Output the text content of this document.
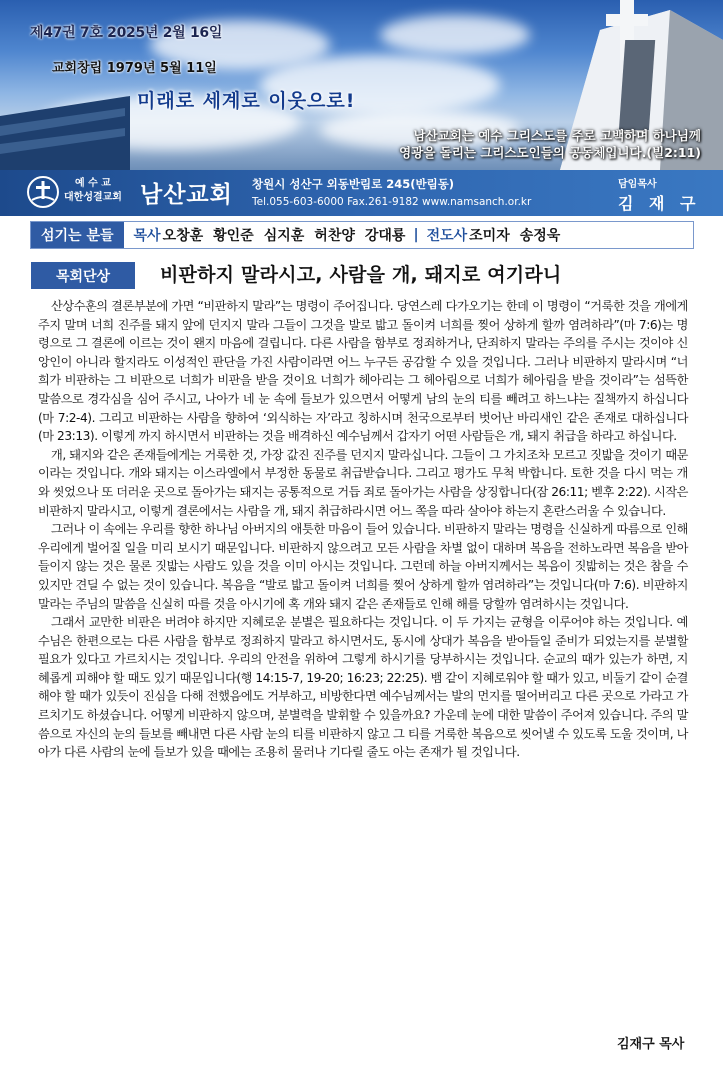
제47권 7호 2025년 2월 16일
교회창립 1979년 5월 11일
미래로 세계로 이웃으로!
남산교회는 예수 그리스도를 주로 고백하며 하나님께
영광을 돌리는 그리스도인들의 공동체입니다.(빌2:11)
예 수 교
대한성결교회 남산교회 창원시 성산구 외동반림로 245(반림동)
Tel.055-603-6000 Fax.261-9182 www.namsanch.or.kr
담임목사
김 재 구
섬기는 분들	목사 오창훈 황인준 심지훈 허찬양 강대룡 | 전도사 조미자 송정욱
목회단상	비판하지 말라시고, 사람을 개, 돼지로 여기라니

산상수훈의 결론부분에 가면 “비판하지 말라”는 명령이 주어집니다. 당연스레 다가오기는 한데 이 명령이 “거룩한 것을 개에게 주지 말며 너희 진주를 돼지 앞에 던지지 말라 그들이 그것을 발로 밟고 돌이켜 너희를 찢어 상하게 할까 염려하라”(마 7:6)는 명령으로 그 결론에 이르는 것이 왠지 마음에 걸립니다. 다른 사람을 함부로 정죄하거나, 단죄하지 말라는 주의를 주시는 것이야 신앙인이 아니라 할지라도 이성적인 판단을 가진 사람이라면 어느 누구든 공감할 수 있을 것입니다. 그러나 비판하지 말라시며 “너희가 비판하는 그 비판으로 너희가 비판을 받을 것이요 너희가 헤아리는 그 헤아림으로 너희가 헤아림을 받을 것이라”는 섬뜩한 말씀으로 경각심을 심어 주시고, 나아가 네 눈 속에 들보가 있으면서 어떻게 남의 눈의 티를 빼려고 하느냐는 질책까지 하십니다(마 7:2-4). 그리고 비판하는 사람을 향하여 ‘외식하는 자’라고 칭하시며 천국으로부터 벗어난 바리새인 같은 존재로 대하십니다(마 23:13). 이렇게 까지 하시면서 비판하는 것을 배격하신 예수님께서 갑자기 어떤 사람들은 개, 돼지 취급을 하라고 하십니다.

개, 돼지와 같은 존재들에게는 거룩한 것, 가장 값진 진주를 던지지 말라십니다. 그들이 그 가치조차 모르고 짓밟을 것이기 때문이라는 것입니다. 개와 돼지는 이스라엘에서 부정한 동물로 취급받습니다. 그리고 평가도 무척 박합니다. 토한 것을 다시 먹는 개와 씻었으나 또 더러운 곳으로 돌아가는 돼지는 공통적으로 거듭 죄로 돌아가는 사람을 상징합니다(잠 26:11; 벧후 2:22). 시작은 비판하지 말라시고, 이렇게 결론에서는 사람을 개, 돼지 취급하라시면 어느 쪽을 따라 살아야 하는지 혼란스러울 수 있습니다.

그러나 이 속에는 우리를 향한 하나님 아버지의 애틋한 마음이 들어 있습니다. 비판하지 말라는 명령을 신실하게 따름으로 인해 우리에게 벌어질 일을 미리 보시기 때문입니다. 비판하지 않으려고 모든 사람을 차별 없이 대하며 복음을 전하노라면 복음을 받아들이지 않는 것은 물론 짓밟는 사람도 있을 것을 이미 아시는 것입니다. 그런데 하늘 아버지께서는 복음이 짓밟히는 것은 참을 수 있지만 견딜 수 없는 것이 있습니다. 복음을 “발로 밟고 돌이켜 너희를 찢어 상하게 할까 염려하라”는 것입니다(마 7:6). 비판하지 말라는 주님의 말씀을 신실히 따를 것을 아시기에 혹 개와 돼지 같은 존재들로 인해 해를 당할까 염려하시는 것입니다.

그래서 교만한 비판은 버려야 하지만 지혜로운 분별은 필요하다는 것입니다. 이 두 가지는 균형을 이루어야 하는 것입니다. 예수님은 한편으로는 다른 사람을 함부로 정죄하지 말라고 하시면서도, 동시에 상대가 복음을 받아들일 준비가 되었는지를 분별할 필요가 있다고 가르치시는 것입니다. 우리의 안전을 위하여 그렇게 하시기를 당부하시는 것입니다. 순교의 때가 있는가 하면, 지혜롭게 피해야 할 때도 있기 때문입니다(행 14:15-7, 19-20; 16:23; 22:25). 뱀 같이 지혜로워야 할 때가 있고, 비둘기 같이 순결해야 할 때가 있듯이 진심을 다해 전했음에도 거부하고, 비방한다면 예수님께서는 발의 먼지를 떨어버리고 다른 곳으로 가라고 가르치기도 하셨습니다. 어떻게 비판하지 않으며, 분별력을 발휘할 수 있을까요? 가운데 눈에 대한 말씀이 주어져 있습니다. 주의 말씀으로 자신의 눈의 들보를 빼내면 다른 사람 눈의 티를 비판하지 않고 그 티를 거룩한 복음으로 씻어낼 수 있도록 도울 것이며, 나아가 다른 사람의 눈에 들보가 있을 때에는 조용히 물러나 기다릴 줄도 아는 존재가 될 것입니다.

김재구 목사
